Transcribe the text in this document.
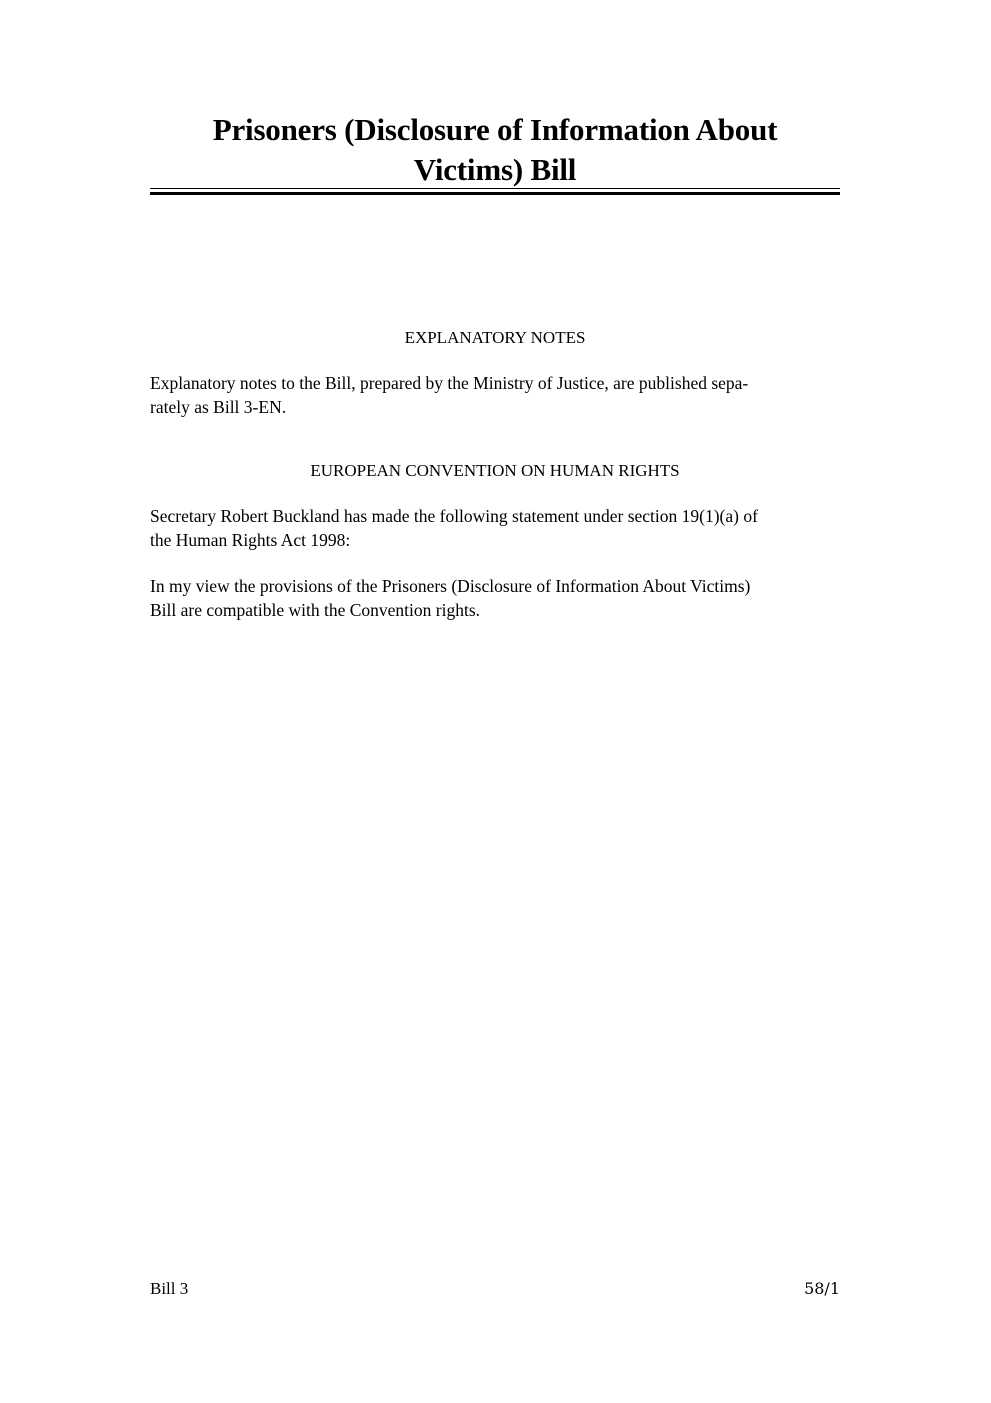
Prisoners (Disclosure of Information About
Victims) Bill
EXPLANATORY NOTES
Explanatory notes to the Bill, prepared by the Ministry of Justice, are published sepa-
rately as Bill 3-EN.
EUROPEAN CONVENTION ON HUMAN RIGHTS
Secretary Robert Buckland has made the following statement under section 19(1)(a) of
the Human Rights Act 1998:
In my view the provisions of the Prisoners (Disclosure of Information About Victims)
Bill are compatible with the Convention rights.
Bill 3	58/1
